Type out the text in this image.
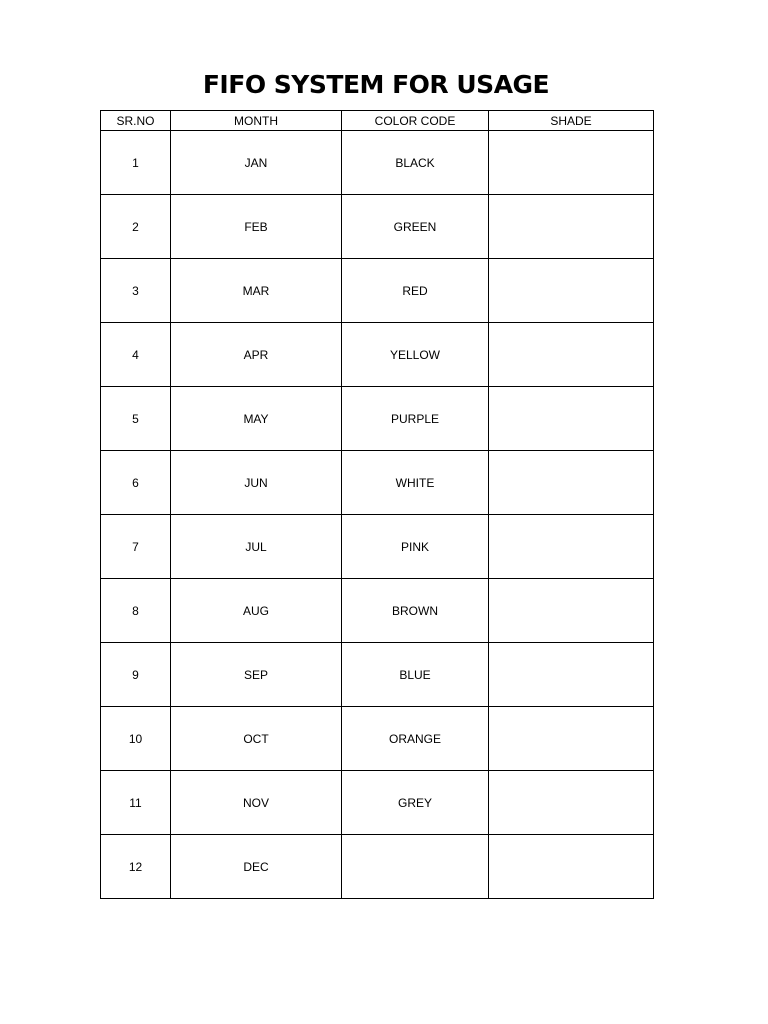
FIFO SYSTEM FOR USAGE
SR.NO	MONTH	COLOR CODE	SHADE
1	JAN	BLACK	
2	FEB	GREEN	
3	MAR	RED	
4	APR	YELLOW	
5	MAY	PURPLE	
6	JUN	WHITE	
7	JUL	PINK	
8	AUG	BROWN	
9	SEP	BLUE	
10	OCT	ORANGE	
11	NOV	GREY	
12	DEC		
